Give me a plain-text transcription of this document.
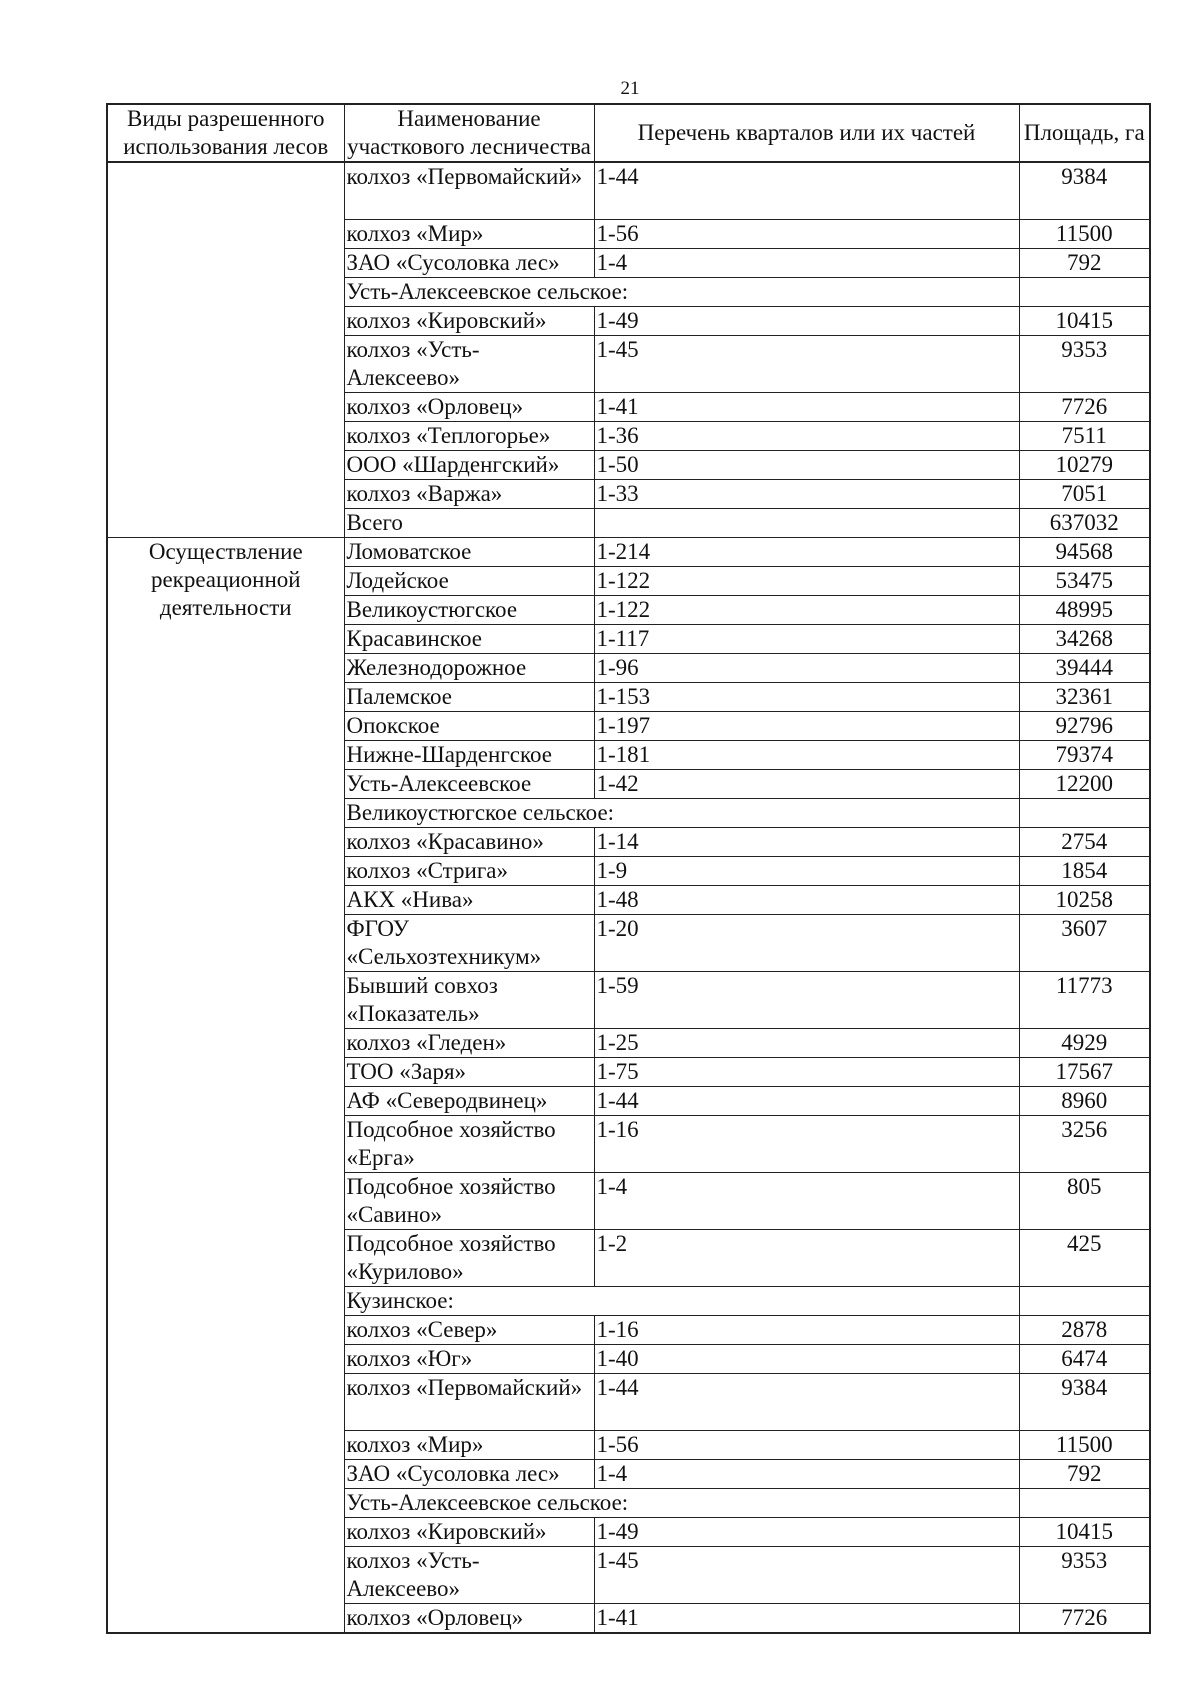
21
Виды разрешенного использования лесов	Наименование участкового лесничества	Перечень кварталов или их частей	Площадь, га
	колхоз «Первомайский»	1-44	9384
	колхоз «Мир»	1-56	11500
	ЗАО «Сусоловка лес»	1-4	792
	Усть-Алексеевское сельское:		
	колхоз «Кировский»	1-49	10415
	колхоз «Усть-Алексеево»	1-45	9353
	колхоз «Орловец»	1-41	7726
	колхоз «Теплогорье»	1-36	7511
	ООО «Шарденгский»	1-50	10279
	колхоз «Варжа»	1-33	7051
	Всего		637032
Осуществление рекреационной деятельности	Ломоватское	1-214	94568
	Лодейское	1-122	53475
	Великоустюгское	1-122	48995
	Красавинское	1-117	34268
	Железнодорожное	1-96	39444
	Палемское	1-153	32361
	Опокское	1-197	92796
	Нижне-Шарденгское	1-181	79374
	Усть-Алексеевское	1-42	12200
	Великоустюгское сельское:		
	колхоз «Красавино»	1-14	2754
	колхоз «Стрига»	1-9	1854
	АКХ «Нива»	1-48	10258
	ФГОУ «Сельхозтехникум»	1-20	3607
	Бывший совхоз «Показатель»	1-59	11773
	колхоз «Гледен»	1-25	4929
	ТОО «Заря»	1-75	17567
	АФ «Северодвинец»	1-44	8960
	Подсобное хозяйство «Ерга»	1-16	3256
	Подсобное хозяйство «Савино»	1-4	805
	Подсобное хозяйство «Курилово»	1-2	425
	Кузинское:		
	колхоз «Север»	1-16	2878
	колхоз «Юг»	1-40	6474
	колхоз «Первомайский»	1-44	9384
	колхоз «Мир»	1-56	11500
	ЗАО «Сусоловка лес»	1-4	792
	Усть-Алексеевское сельское:		
	колхоз «Кировский»	1-49	10415
	колхоз «Усть-Алексеево»	1-45	9353
	колхоз «Орловец»	1-41	7726
